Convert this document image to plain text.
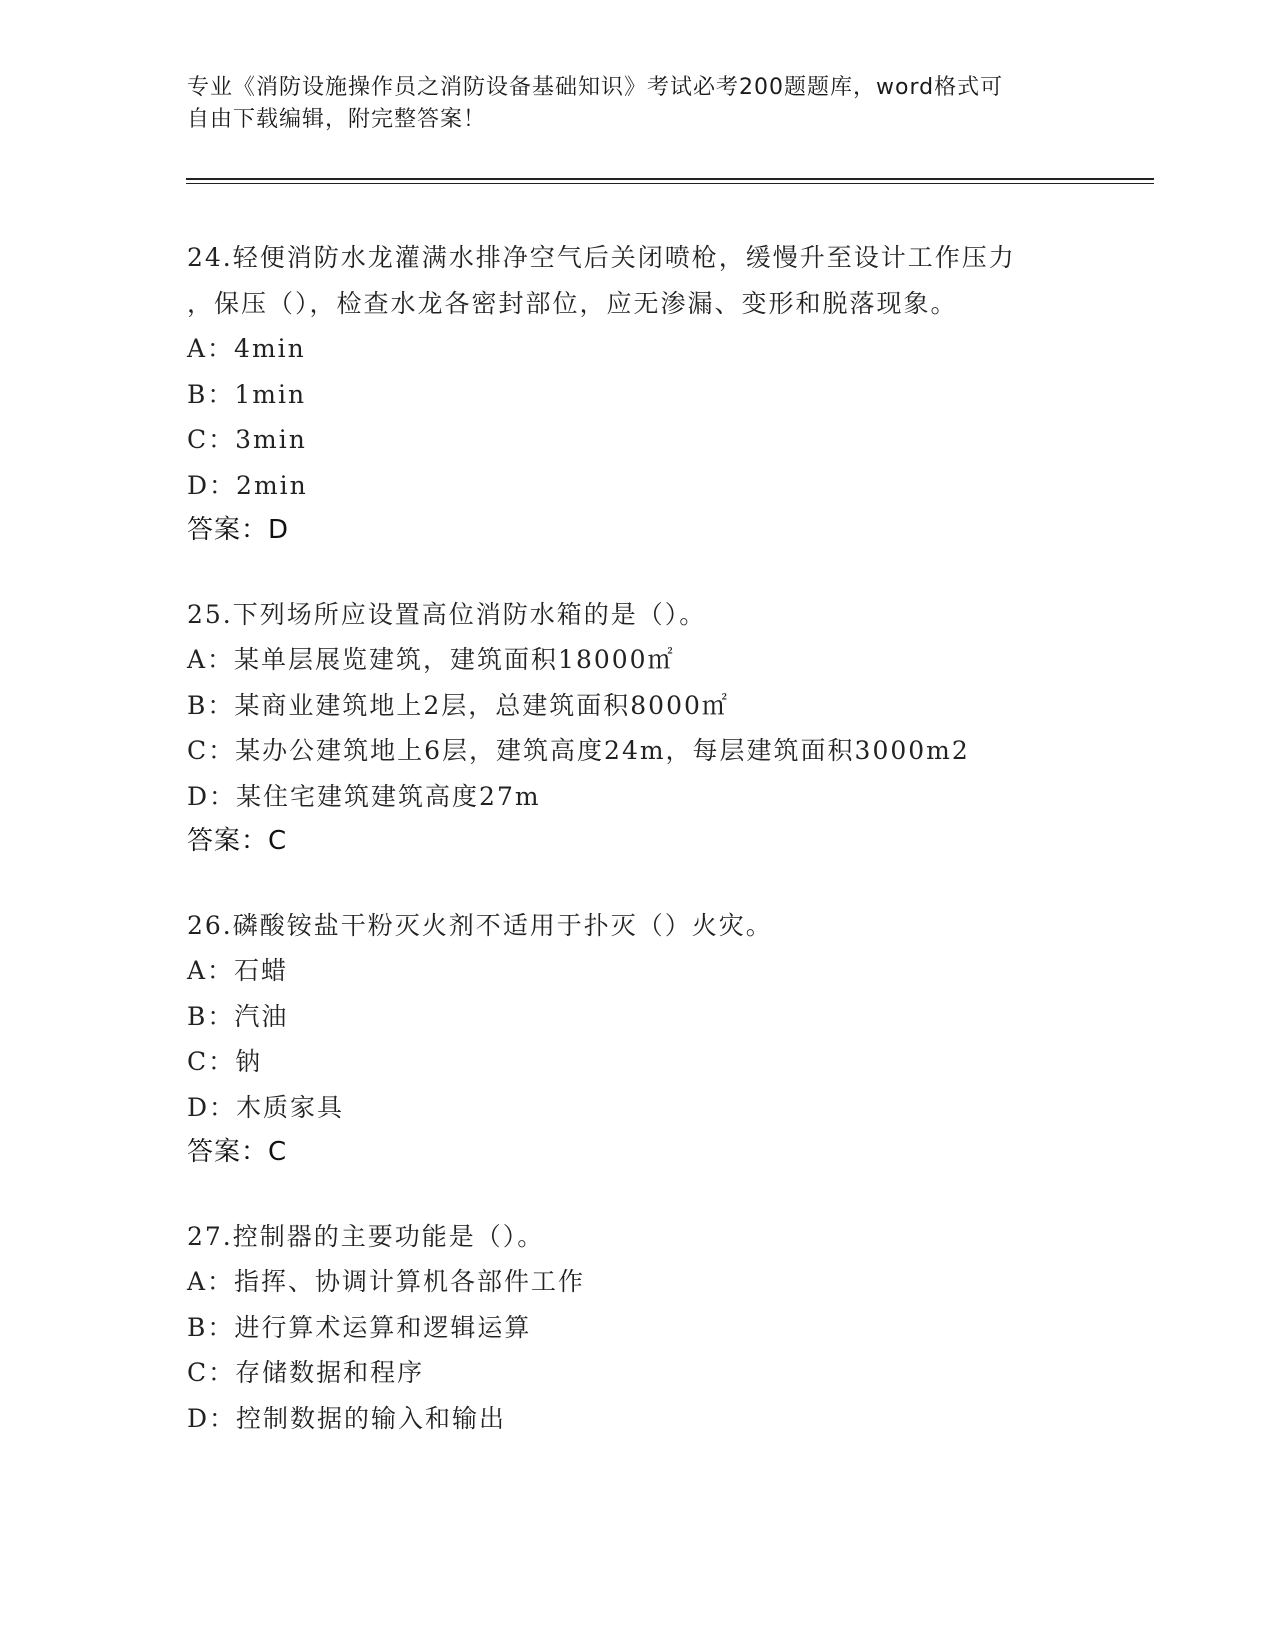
专业《消防设施操作员之消防设备基础知识》考试必考200题题库，word格式可
自由下载编辑，附完整答案！
24.轻便消防水龙灌满水排净空气后关闭喷枪，缓慢升至设计工作压力
，保压（），检查水龙各密封部位，应无渗漏、变形和脱落现象。
A：4min
B：1min
C：3min
D：2min
答案：D
25.下列场所应设置高位消防水箱的是（）。
A：某单层展览建筑，建筑面积18000㎡
B：某商业建筑地上2层，总建筑面积8000㎡
C：某办公建筑地上6层，建筑高度24m，每层建筑面积3000m2
D：某住宅建筑建筑高度27m
答案：C
26.磷酸铵盐干粉灭火剂不适用于扑灭（）火灾。
A：石蜡
B：汽油
C：钠
D：木质家具
答案：C
27.控制器的主要功能是（）。
A：指挥、协调计算机各部件工作
B：进行算术运算和逻辑运算
C：存储数据和程序
D：控制数据的输入和输出
